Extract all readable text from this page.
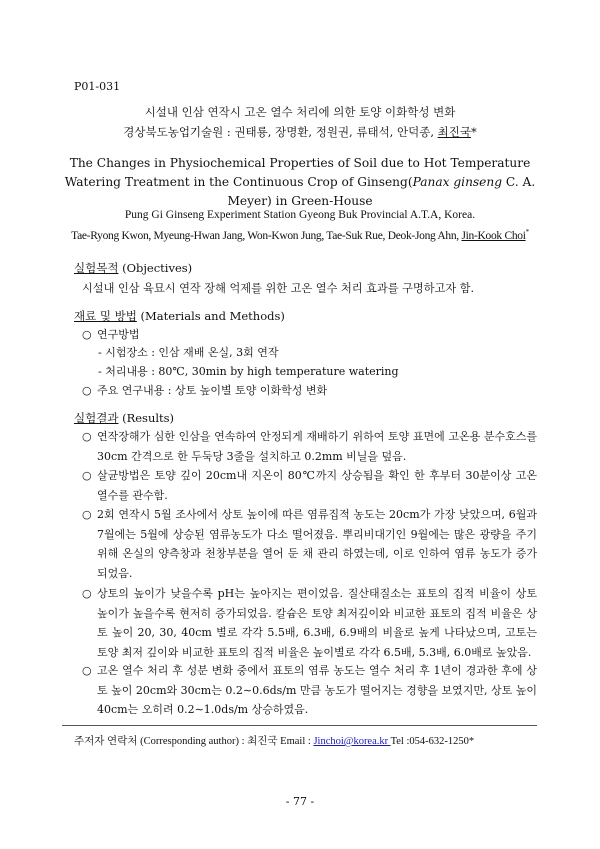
P01-031
시설내 인삼 연작시 고온 열수 처리에 의한 토양 이화학성 변화
경상북도농업기술원 : 권태룡, 장명환, 정원권, 류태석, 안덕종, 최진국*
The Changes in Physiochemical Properties of Soil due to Hot Temperature Watering Treatment in the Continuous Crop of Ginseng(Panax ginseng C. A. Meyer) in Green-House
Pung Gi Ginseng Experiment Station Gyeong Buk Provincial A.T.A, Korea.
Tae-Ryong Kwon, Myeung-Hwan Jang, Won-Kwon Jung, Tae-Suk Rue, Deok-Jong Ahn, Jin-Kook Choi*
실험목적 (Objectives)
시설내 인삼 육묘시 연작 장해 억제를 위한 고온 열수 처리 효과를 구명하고자 함.
재료 및 방법 (Materials and Methods)
○ 연구방법
- 시험장소 : 인삼 재배 온실, 3회 연작
- 처리내용 : 80℃, 30min by high temperature watering
○ 주요 연구내용 : 상토 높이별 토양 이화학성 변화
실험결과 (Results)
○ 연작장해가 심한 인삼을 연속하여 안정되게 재배하기 위하여 토양 표면에 고온용 분수호스를 30cm 간격으로 한 두둑당 3줄을 설치하고 0.2mm 비닐을 덮음.
○ 살균방법은 토양 깊이 20cm내 지온이 80℃까지 상승됨을 확인 한 후부터 30분이상 고온 열수를 관수함.
○ 2회 연작시 5월 조사에서 상토 높이에 따른 염류집적 농도는 20cm가 가장 낮았으며, 6월과 7월에는 5월에 상승된 염류농도가 다소 떨어졌음. 뿌리비대기인 9월에는 많은 광량을 주기 위해 온실의 양측창과 천창부분을 열어 둔 채 관리 하였는데, 이로 인하여 염류 농도가 증가되었음.
○ 상토의 높이가 낮을수록 pH는 높아지는 편이었음. 질산태질소는 표토의 집적 비율이 상토 높이가 높을수록 현저히 증가되었음. 칼슘은 토양 최저깊이와 비교한 표토의 집적 비율은 상토 높이 20, 30, 40cm 별로 각각 5.5배, 6.3배, 6.9배의 비율로 높게 나타났으며, 고토는 토양 최저 깊이와 비교한 표토의 집적 비율은 높이별로 각각 6.5배, 5.3배, 6.0배로 높았음.
○ 고온 열수 처리 후 성분 변화 중에서 표토의 염류 농도는 열수 처리 후 1년이 경과한 후에 상토 높이 20cm와 30cm는 0.2∼0.6ds/m 만큼 농도가 떨어지는 경향을 보였지만, 상토 높이 40cm는 오히려 0.2∼1.0ds/m 상승하였음.
주저자 연락처 (Corresponding author) : 최진국 Email : Jinchoi@korea.kr Tel :054-632-1250*
- 77 -
